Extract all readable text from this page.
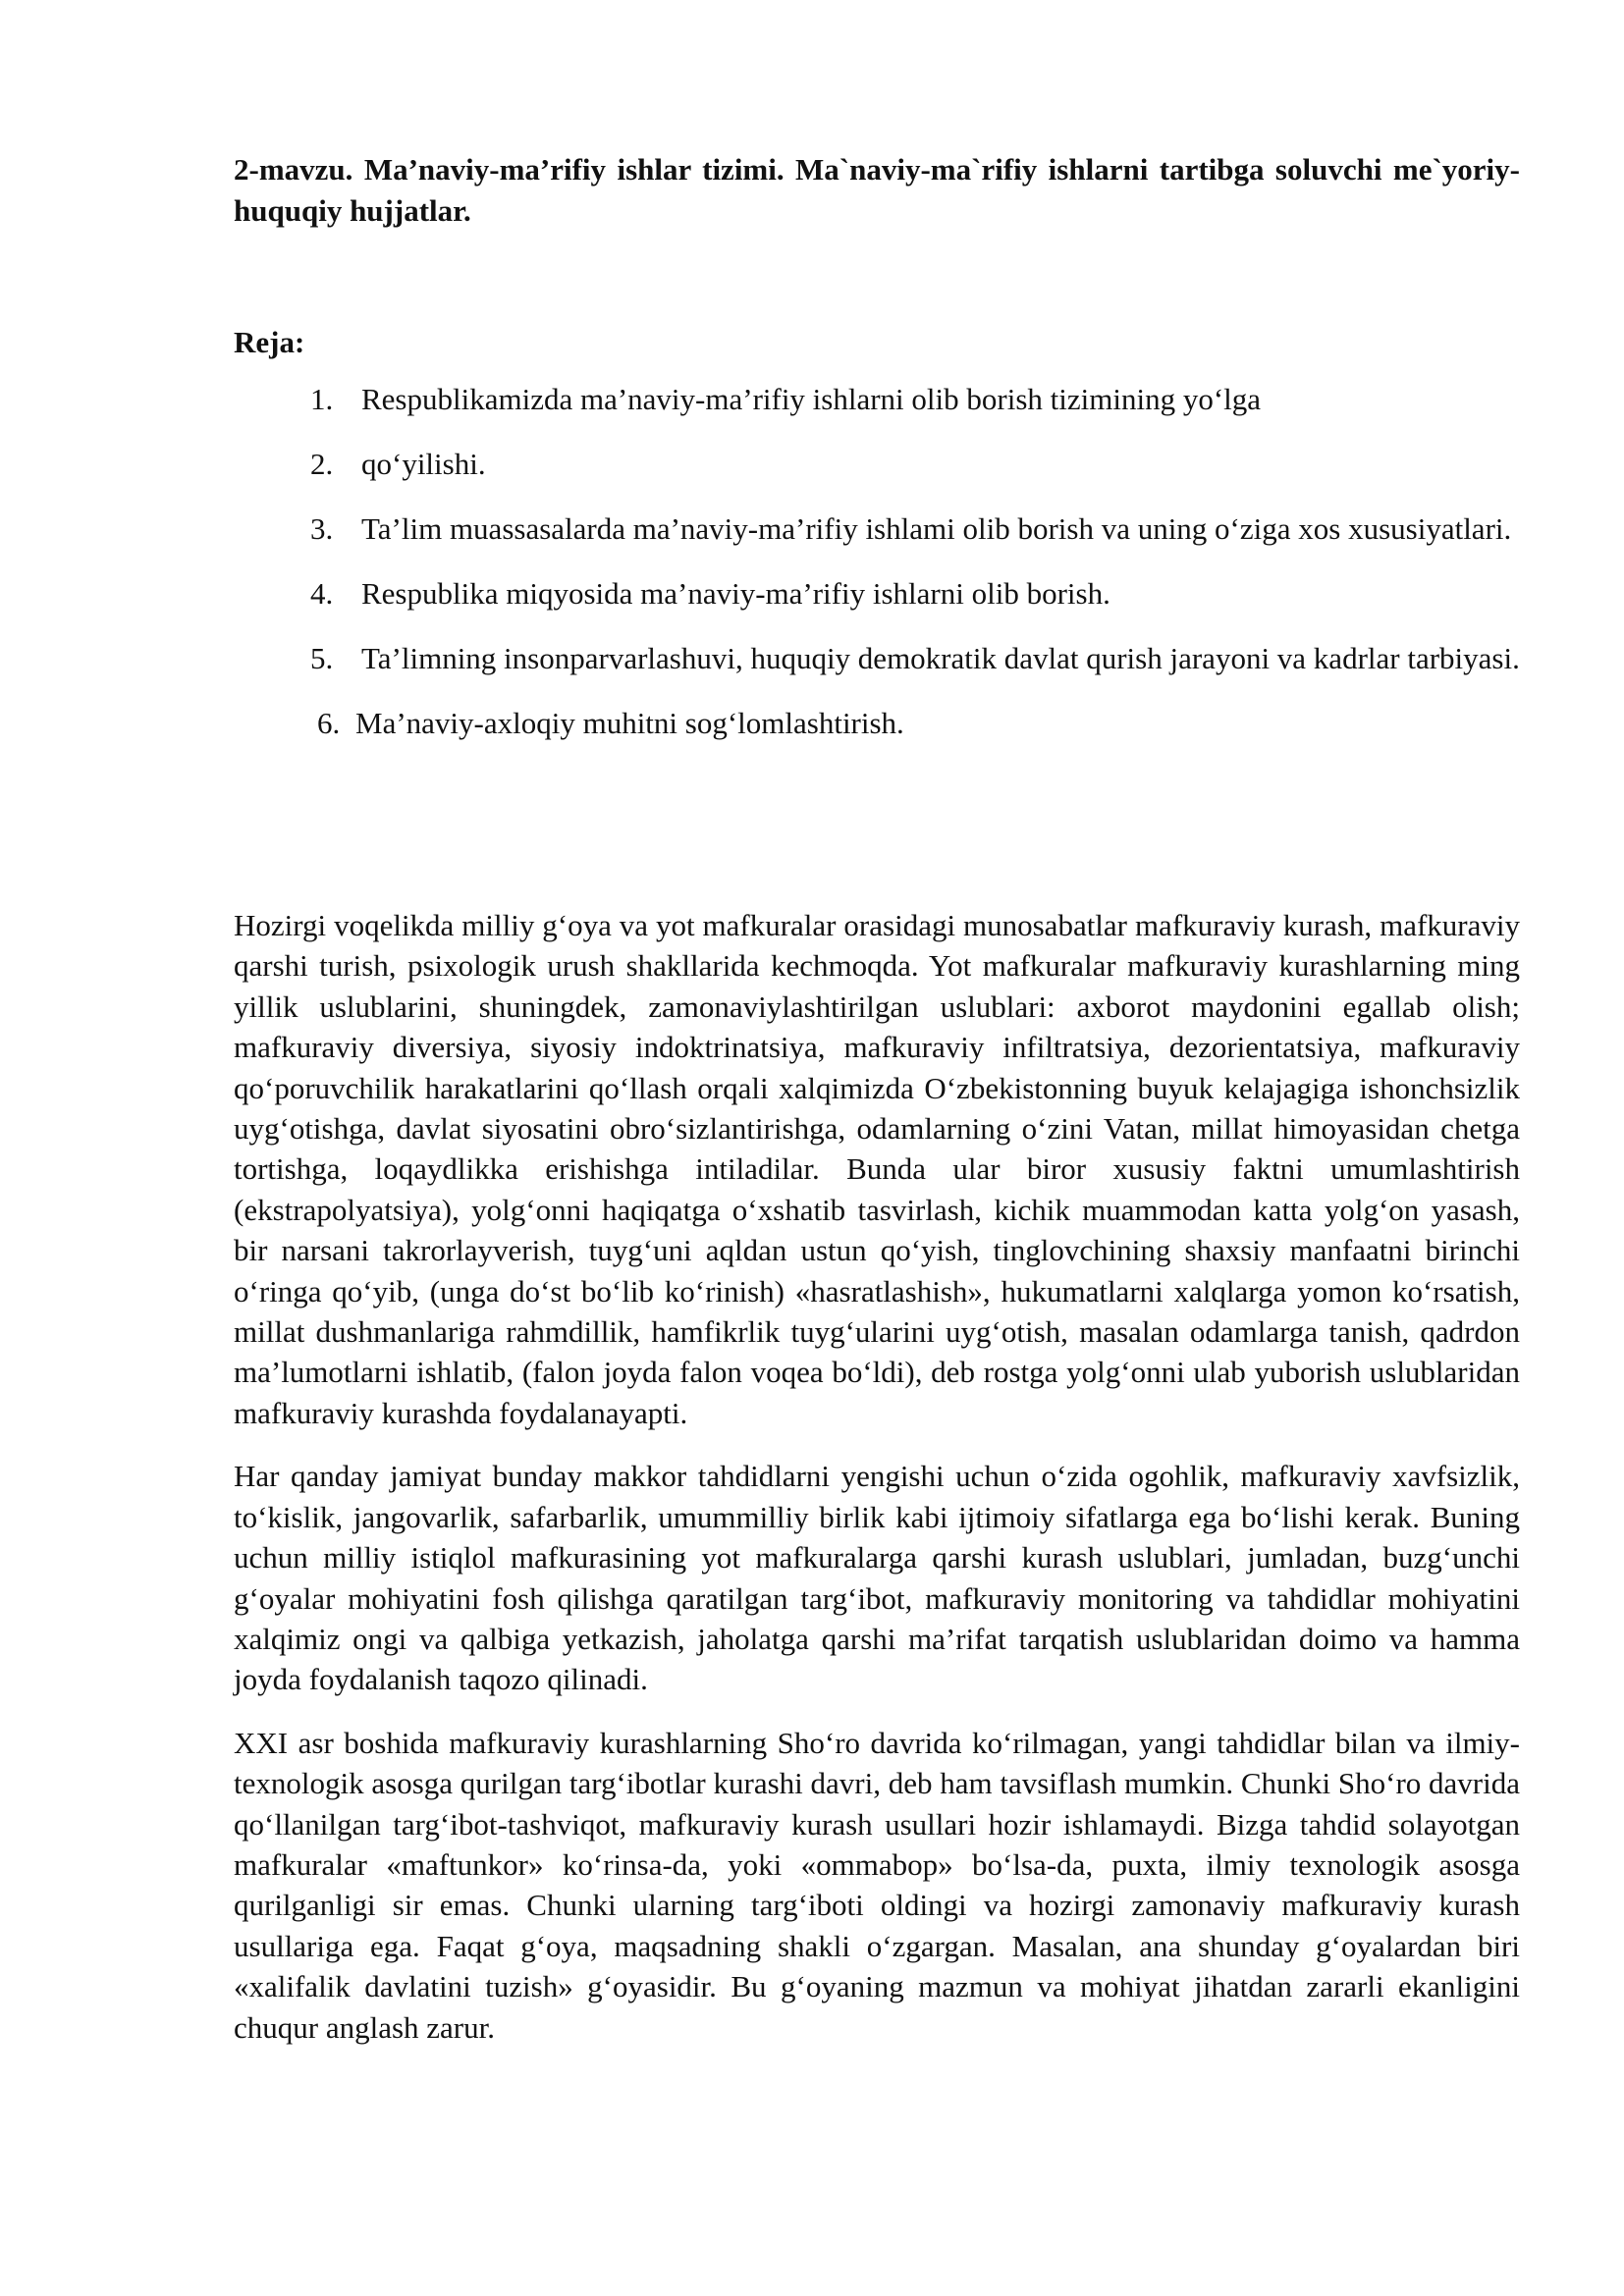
2-mavzu. Ma’naviy-ma’rifiy ishlar tizimi. Ma`naviy-ma`rifiy ishlarni tartibga soluvchi me`yoriy-huquqiy hujjatlar.
Reja:
1. Respublikamizda ma’naviy-ma’rifiy ishlarni olib borish tizimining yo‘lga
2. qo‘yilishi.
3. Ta’lim muassasalarda ma’naviy-ma’rifiy ishlami olib borish va uning o‘ziga xos xususiyatlari.
4. Respublika miqyosida ma’naviy-ma’rifiy ishlarni olib borish.
5. Ta’limning insonparvarlashuvi, huquqiy demokratik davlat qurish jarayoni va kadrlar tarbiyasi.
6. Ma’naviy-axloqiy muhitni sog‘lomlashtirish.

Hozirgi voqelikda milliy g‘oya va yot mafkuralar orasidagi munosabatlar mafkuraviy kurash, mafkuraviy qarshi turish, psixologik urush shakllarida kechmoqda. Yot mafkuralar mafkuraviy kurashlarning ming yillik uslublarini, shuningdek, zamonaviylashtirilgan uslublari: axborot maydonini egallab olish; mafkuraviy diversiya, siyosiy indoktrinatsiya, mafkuraviy infiltratsiya, dezorientatsiya, mafkuraviy qo‘poruvchilik harakatlarini qo‘llash orqali xalqimizda O‘zbekistonning buyuk kelajagiga ishonchsizlik uyg‘otishga, davlat siyosatini obro‘sizlantirishga, odamlarning o‘zini Vatan, millat himoyasidan chetga tortishga, loqaydlikka erishishga intiladilar. Bunda ular biror xususiy faktni umumlashtirish (ekstrapolyatsiya), yolg‘onni haqiqatga o‘xshatib tasvirlash, kichik muammodan katta yolg‘on yasash, bir narsani takrorlayverish, tuyg‘uni aqldan ustun qo‘yish, tinglovchining shaxsiy manfaatni birinchi o‘ringa qo‘yib, (unga do‘st bo‘lib ko‘rinish) «hasratlashish», hukumatlarni xalqlarga yomon ko‘rsatish, millat dushmanlariga rahmdillik, hamfikrlik tuyg‘ularini uyg‘otish, masalan odamlarga tanish, qadrdon ma’lumotlarni ishlatib, (falon joyda falon voqea bo‘ldi), deb rostga yolg‘onni ulab yuborish uslublaridan mafkuraviy kurashda foydalanayapti.

Har qanday jamiyat bunday makkor tahdidlarni yengishi uchun o‘zida ogohlik, mafkuraviy xavfsizlik, to‘kislik, jangovarlik, safarbarlik, umummilliy birlik kabi ijtimoiy sifatlarga ega bo‘lishi kerak. Buning uchun milliy istiqlol mafkurasining yot mafkuralarga qarshi kurash uslublari, jumladan, buzg‘unchi g‘oyalar mohiyatini fosh qilishga qaratilgan targ‘ibot, mafkuraviy monitoring va tahdidlar mohiyatini xalqimiz ongi va qalbiga yetkazish, jaholatga qarshi ma’rifat tarqatish uslublaridan doimo va hamma joyda foydalanish taqozo qilinadi.

XXI asr boshida mafkuraviy kurashlarning Sho‘ro davrida ko‘rilmagan, yangi tahdidlar bilan va ilmiy-texnologik asosga qurilgan targ‘ibotlar kurashi davri, deb ham tavsiflash mumkin. Chunki Sho‘ro davrida qo‘llanilgan targ‘ibot-tashviqot, mafkuraviy kurash usullari hozir ishlamaydi. Bizga tahdid solayotgan mafkuralar «maftunkor» ko‘rinsa-da, yoki «ommabop» bo‘lsa-da, puxta, ilmiy texnologik asosga qurilganligi sir emas. Chunki ularning targ‘iboti oldingi va hozirgi zamonaviy mafkuraviy kurash usullariga ega. Faqat g‘oya, maqsadning shakli o‘zgargan. Masalan, ana shunday g‘oyalardan biri «xalifalik davlatini tuzish» g‘oyasidir. Bu g‘oyaning mazmun va mohiyat jihatdan zararli ekanligini chuqur anglash zarur.
